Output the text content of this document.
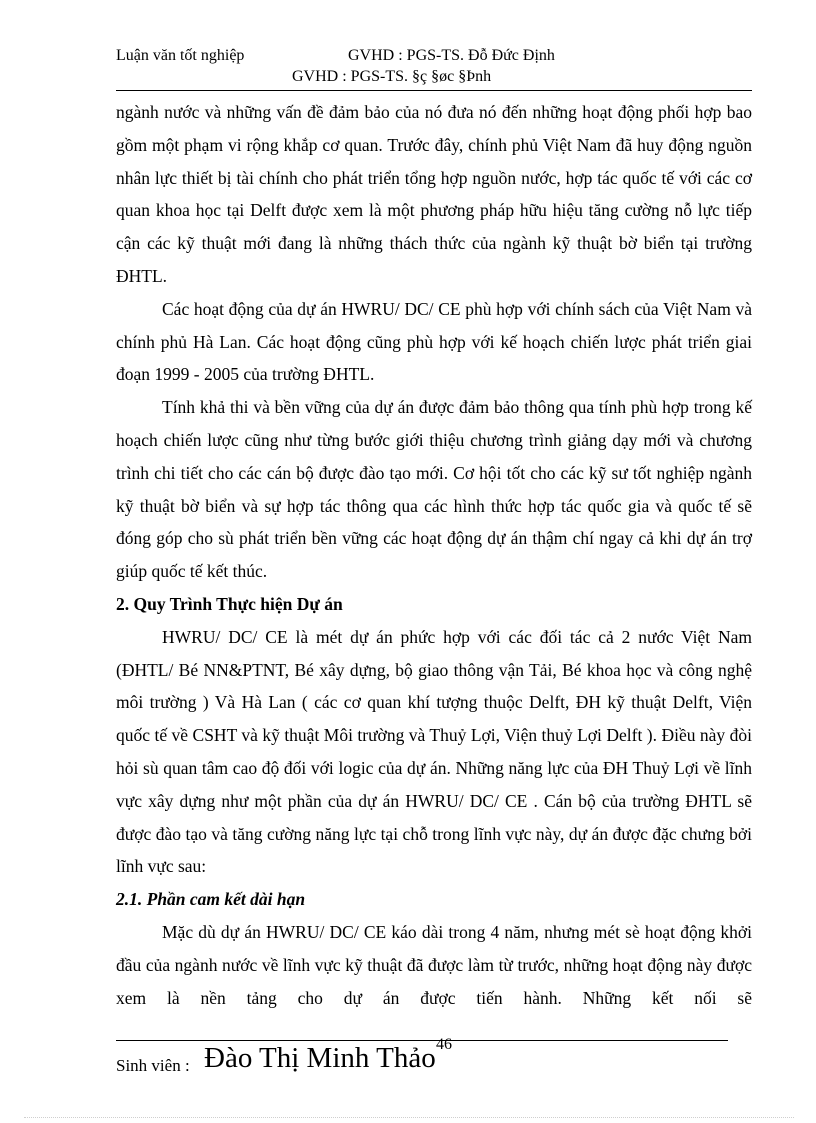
Luận văn tốt nghiệp	GVHD : PGS-TS. Đỗ Đức Định
GVHD : PGS-TS. §ç §øc §Þnh

ngành nước và những vấn đề đảm bảo của nó đưa nó đến những hoạt động phối hợp bao gồm một phạm vi rộng khắp cơ quan. Trước đây, chính phủ Việt Nam đã huy động nguồn nhân lực thiết bị tài chính cho phát triển tổng hợp nguồn nước, hợp tác quốc tế với các cơ quan khoa học tại Delft được xem là một phương pháp hữu hiệu tăng cường nỗ lực tiếp cận các kỹ thuật mới đang là những thách thức của ngành kỹ thuật bờ biển tại trường ĐHTL.

Các hoạt động của dự án HWRU/ DC/ CE phù hợp với chính sách của Việt Nam và chính phủ Hà Lan. Các hoạt động cũng phù hợp với kế hoạch chiến lược phát triển giai đoạn 1999 - 2005 của trường ĐHTL.

Tính khả thi và bền vững của dự án được đảm bảo thông qua tính phù hợp trong kế hoạch chiến lược cũng như từng bước giới thiệu chương trình giảng dạy mới và chương trình chi tiết cho các cán bộ được đào tạo mới. Cơ hội tốt cho các kỹ sư tốt nghiệp ngành kỹ thuật bờ biển và sự hợp tác thông qua các hình thức hợp tác quốc gia và quốc tế sẽ đóng góp cho sù phát triển bền vững các hoạt động dự án thậm chí ngay cả khi dự án trợ giúp quốc tế kết thúc.

2. Quy Trình Thực hiện Dự án

HWRU/ DC/ CE là mét dự án phức hợp với các đối tác cả 2 nước Việt Nam (ĐHTL/ Bé NN&PTNT, Bé xây dựng, bộ giao thông vận Tải, Bé khoa học và công nghệ môi trường ) Và Hà Lan ( các cơ quan khí tượng thuộc Delft, ĐH kỹ thuật Delft, Viện quốc tế về CSHT và kỹ thuật Môi trường và Thuỷ Lợi, Viện thuỷ Lợi Delft ). Điều này đòi hỏi sù quan tâm cao độ đối với logic của dự án. Những năng lực của ĐH Thuỷ Lợi về lĩnh vực xây dựng như một phần của dự án HWRU/ DC/ CE . Cán bộ của trường ĐHTL sẽ được đào tạo và tăng cường năng lực tại chỗ trong lĩnh vực này, dự án được đặc chưng bởi lĩnh vực sau:

2.1. Phần cam kết dài hạn

Mặc dù dự án HWRU/ DC/ CE káo dài trong 4 năm, nhưng mét sè hoạt động khởi đầu của ngành nước về lĩnh vực kỹ thuật đã được làm từ trước, những hoạt động này được xem là nền tảng cho dự án được tiến hành. Những kết nối sẽ

Sinh viên : Đào Thị Minh Thảo 46
